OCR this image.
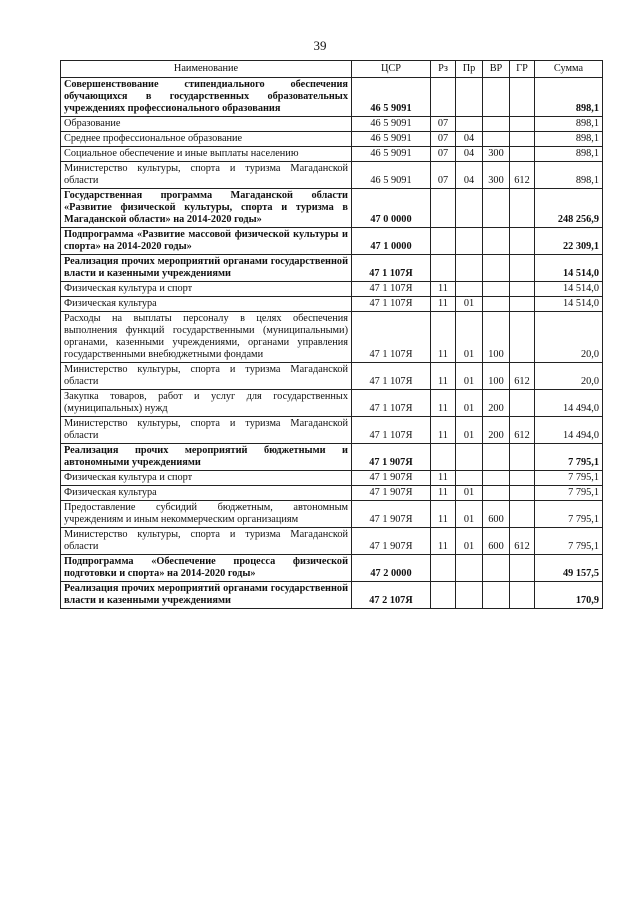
39
Наименование	ЦСР	Рз	Пр	ВР	ГР	Сумма
Совершенствование стипендиального обеспечения обучающихся в государственных образовательных учреждениях профессионального образования	46 5 9091					898,1
Образование	46 5 9091	07				898,1
Среднее профессиональное образование	46 5 9091	07	04			898,1
Социальное обеспечение и иные выплаты населению	46 5 9091	07	04	300		898,1
Министерство культуры, спорта и туризма Магаданской области	46 5 9091	07	04	300	612	898,1
Государственная программа Магаданской области «Развитие физической культуры, спорта и туризма в Магаданской области» на 2014-2020 годы»	47 0 0000					248 256,9
Подпрограмма «Развитие массовой физической культуры и спорта» на 2014-2020 годы»	47 1 0000					22 309,1
Реализация прочих мероприятий органами государственной власти и казенными учреждениями	47 1 107Я					14 514,0
Физическая культура и спорт	47 1 107Я	11				14 514,0
Физическая культура	47 1 107Я	11	01			14 514,0
Расходы на выплаты персоналу в целях обеспечения выполнения функций государственными (муниципальными) органами, казенными учреждениями, органами управления государственными внебюджетными фондами	47 1 107Я	11	01	100		20,0
Министерство культуры, спорта и туризма Магаданской области	47 1 107Я	11	01	100	612	20,0
Закупка товаров, работ и услуг для государственных (муниципальных) нужд	47 1 107Я	11	01	200		14 494,0
Министерство культуры, спорта и туризма Магаданской области	47 1 107Я	11	01	200	612	14 494,0
Реализация прочих мероприятий бюджетными и автономными учреждениями	47 1 907Я					7 795,1
Физическая культура и спорт	47 1 907Я	11				7 795,1
Физическая культура	47 1 907Я	11	01			7 795,1
Предоставление субсидий бюджетным, автономным учреждениям и иным некоммерческим организациям	47 1 907Я	11	01	600		7 795,1
Министерство культуры, спорта и туризма Магаданской области	47 1 907Я	11	01	600	612	7 795,1
Подпрограмма «Обеспечение процесса физической подготовки и спорта» на 2014-2020 годы»	47 2 0000					49 157,5
Реализация прочих мероприятий органами государственной власти и казенными учреждениями	47 2 107Я					170,9
